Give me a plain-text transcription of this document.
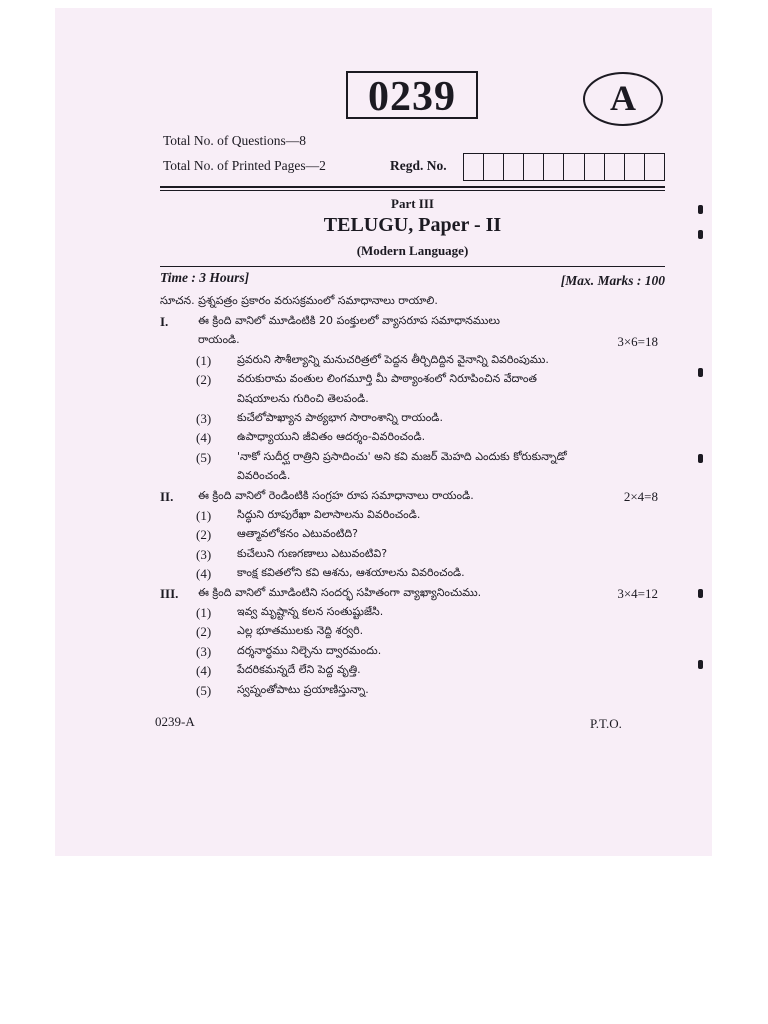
0239	A
Total No. of Questions—8
Total No. of Printed Pages—2	Regd. No.
Part III
TELUGU, Paper - II
(Modern Language)
Time : 3 Hours]	[Max. Marks : 100
సూచన. ప్రశ్నపత్రం ప్రకారం వరుసక్రమంలో సమాధానాలు రాయాలి.
I.	ఈ క్రింది వానిలో మూడింటికి 20 పంక్తులలో వ్యాసరూప సమాధానములు
రాయండి.	3×6=18
(1) ప్రవరుని సౌశీల్యాన్ని మనుచరిత్రలో పెద్దన తీర్చిదిద్దిన వైనాన్ని వివరింపుము.
(2) వరుకురామ వంతుల లింగమూర్తి మీ పాఠ్యాంశంలో నిరూపించిన వేదాంత
విషయాలను గురించి తెలపండి.
(3) కుచేలోపాఖ్యాన పాఠ్యభాగ సారాంశాన్ని రాయండి.
(4) ఉపాధ్యాయుని జీవితం ఆదర్శం-వివరించండి.
(5) 'నాకో సుదీర్ఘ రాత్రిని ప్రసాదించు' అని కవి మజర్ మెహది ఎందుకు కోరుకున్నాడో
వివరించండి.
II. ఈ క్రింది వానిలో రెండింటికి సంగ్రహ రూప సమాధానాలు రాయండి.	2×4=8
(1) సిద్ధుని రూపురేఖా విలాసాలను వివరించండి.
(2) ఆత్మావలోకనం ఎటువంటిది?
(3) కుచేలుని గుణగణాలు ఎటువంటివి?
(4) కాంక్ష కవితలోని కవి ఆశను, ఆశయాలను వివరించండి.
III. ఈ క్రింది వానిలో మూడింటిని సందర్భ సహితంగా వ్యాఖ్యానించుము.	3×4=12
(1) ఇవ్వ మృష్టాన్న కలన సంతుష్టుజేసి.
(2) ఎల్ల భూతములకు నెద్ది శర్వరి.
(3) దర్శనార్థము నిల్చెను ద్వారమందు.
(4) పేదరికమన్నదే లేని పెద్ద వృత్తి.
(5) స్వప్నంతోపాటు ప్రయాణిస్తున్నా.
0239-A	P.T.O.
